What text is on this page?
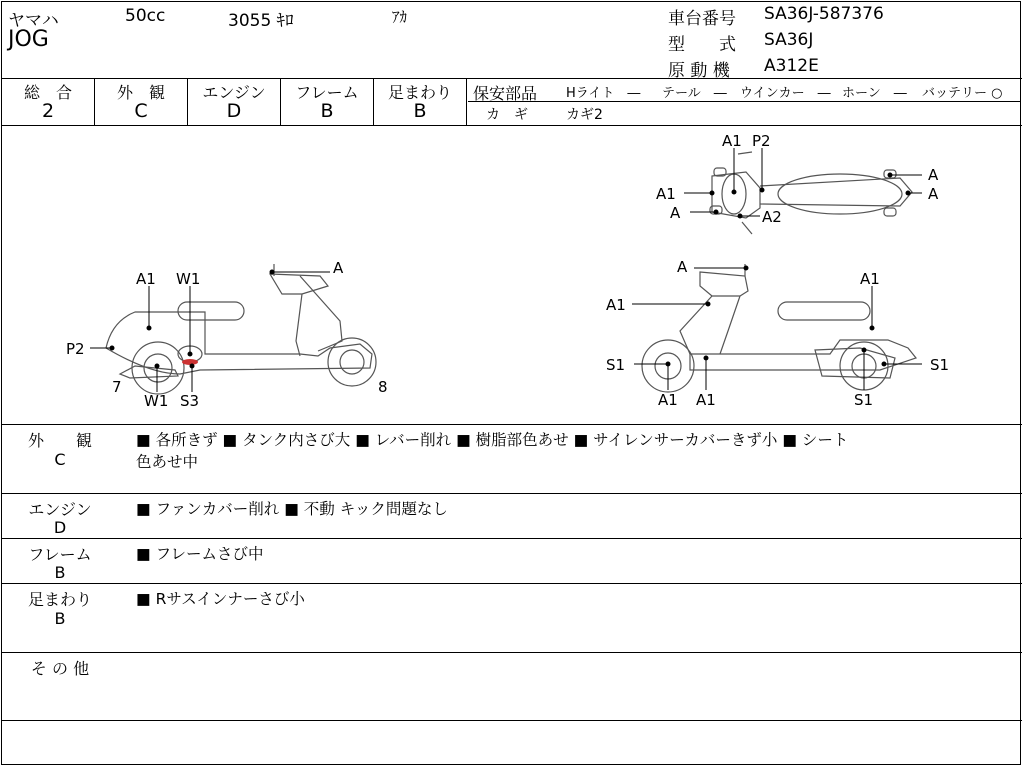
ヤマハ	50cc	3055 ｷﾛ	ｱｶ
JOG
車台番号 SA36J-587376
型　　式 SA36J
原 動 機 A312E
総　合
2
外　観
C
エンジン
D
フレーム
B
足まわり
B
保安部品 Hライト　― テール　― ウインカー　― ホーン　― バッテリー ○
カ　ギ	カギ2
A
A1 W1
P2
7
W1 S3
8
A
A1
A1
S1
A1 A1
S1
S1
A1 P2
A
A1	A
A	A2
外　　観
C
■ 各所きず ■ タンク内さび大 ■ レバー削れ ■ 樹脂部色あせ ■ サイレンサーカバーきず小 ■ シート
色あせ中
エンジン
D
■ ファンカバー削れ ■ 不動 キック問題なし
フレーム
B
■ フレームさび中
足まわり
B
■ Rサスインナーさび小
そ の 他
